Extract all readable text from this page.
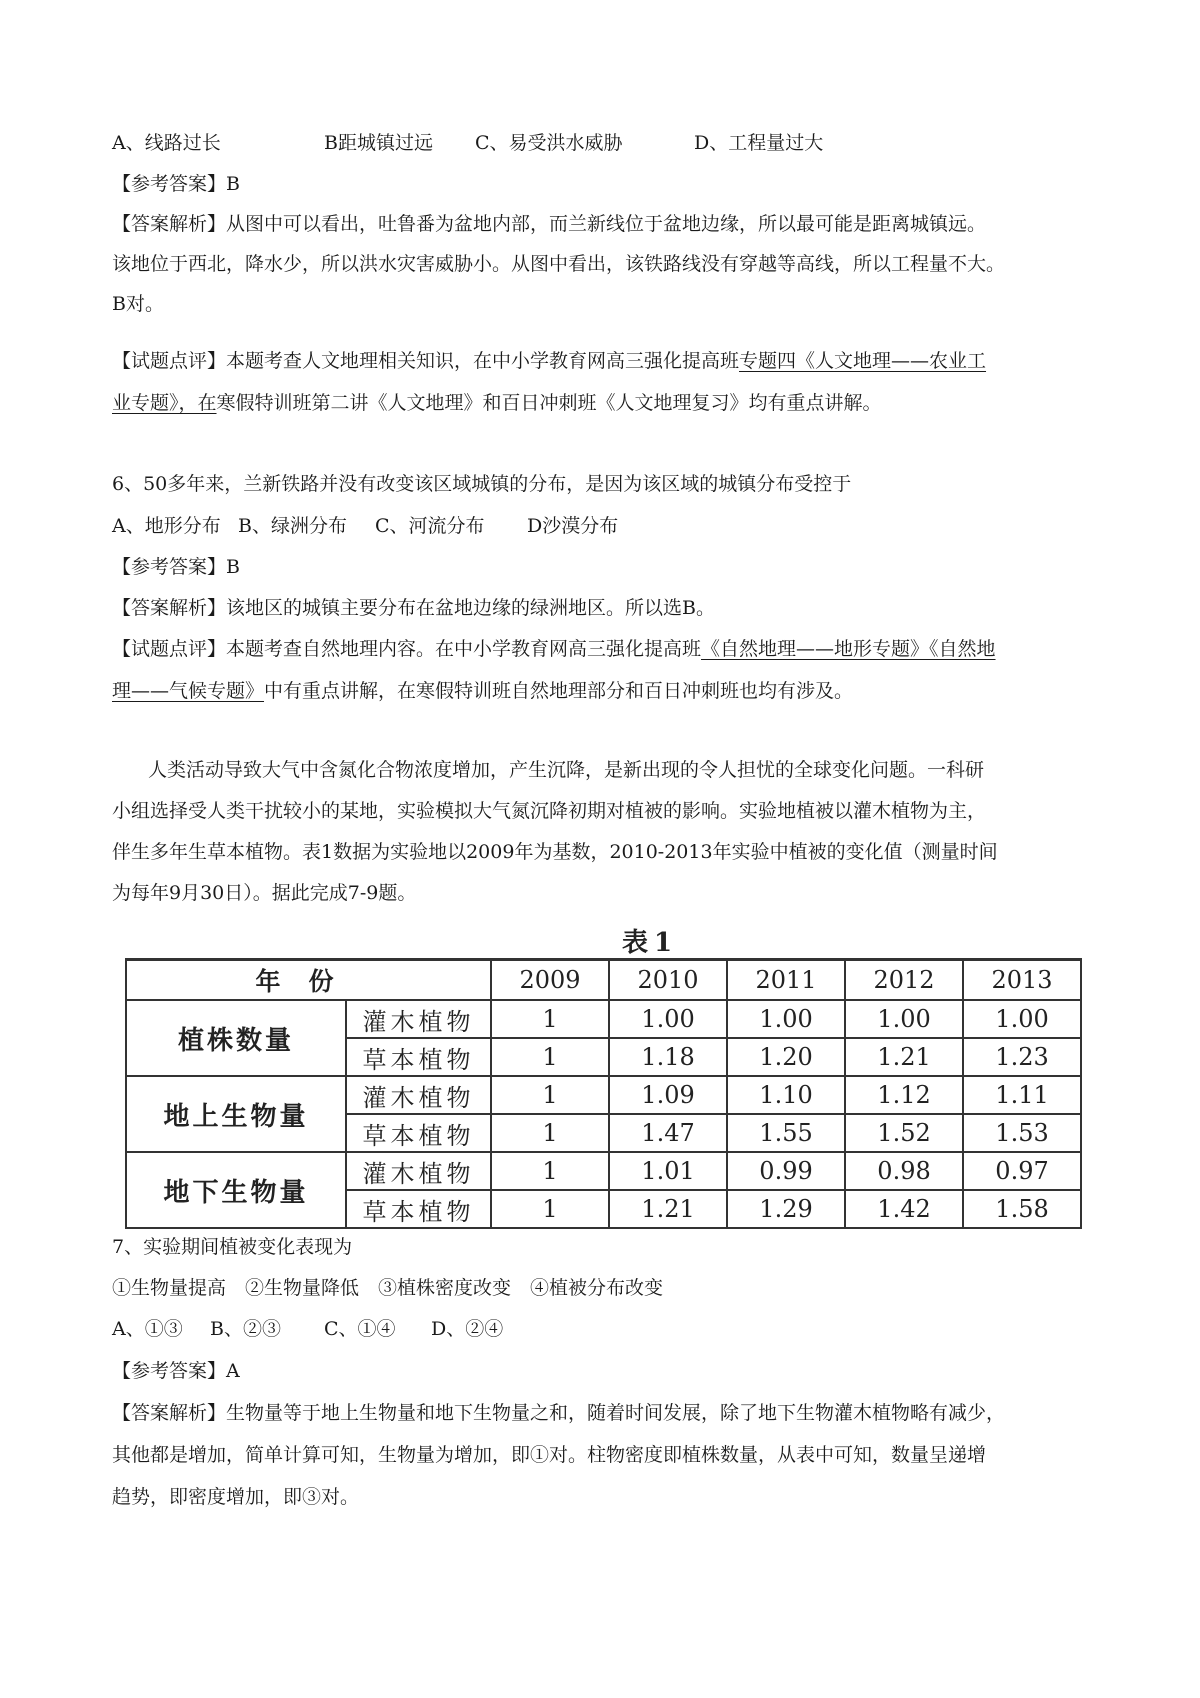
A、线路过长	B距城镇过远 C、易受洪水威胁	D、工程量过大
【参考答案】B
【答案解析】从图中可以看出，吐鲁番为盆地内部，而兰新线位于盆地边缘，所以最可能是距离城镇远。
该地位于西北，降水少，所以洪水灾害威胁小。从图中看出，该铁路线没有穿越等高线，所以工程量不大。
B对。
【试题点评】本题考查人文地理相关知识，在中小学教育网高三强化提高班专题四《人文地理——农业工
业专题》，在寒假特训班第二讲《人文地理》和百日冲刺班《人文地理复习》均有重点讲解。
6、50多年来，兰新铁路并没有改变该区域城镇的分布，是因为该区域的城镇分布受控于
A、地形分布 B、绿洲分布 C、河流分布 D沙漠分布
【参考答案】B
【答案解析】该地区的城镇主要分布在盆地边缘的绿洲地区。所以选B。
【试题点评】本题考查自然地理内容。在中小学教育网高三强化提高班《自然地理——地形专题》《自然地
理——气候专题》中有重点讲解，在寒假特训班自然地理部分和百日冲刺班也均有涉及。
人类活动导致大气中含氮化合物浓度增加，产生沉降，是新出现的令人担忧的全球变化问题。一科研
小组选择受人类干扰较小的某地，实验模拟大气氮沉降初期对植被的影响。实验地植被以灌木植物为主，
伴生多年生草本植物。表1数据为实验地以2009年为基数，2010-2013年实验中植被的变化值（测量时间
为每年9月30日）。据此完成7-9题。
表1
年份		2009	2010	2011	2012	2013
植株数量	灌木植物	1	1.00	1.00	1.00	1.00
	草本植物	1	1.18	1.20	1.21	1.23
地上生物量	灌木植物	1	1.09	1.10	1.12	1.11
	草本植物	1	1.47	1.55	1.52	1.53
地下生物量	灌木植物	1	1.01	0.99	0.98	0.97
	草本植物	1	1.21	1.29	1.42	1.58
7、实验期间植被变化表现为
①生物量提高　②生物量降低　③植株密度改变　④植被分布改变
A、①③ B、②③ C、①④ D、②④
【参考答案】A
【答案解析】生物量等于地上生物量和地下生物量之和，随着时间发展，除了地下生物灌木植物略有减少，
其他都是增加，简单计算可知，生物量为增加，即①对。柱物密度即植株数量，从表中可知，数量呈递增
趋势，即密度增加，即③对。
